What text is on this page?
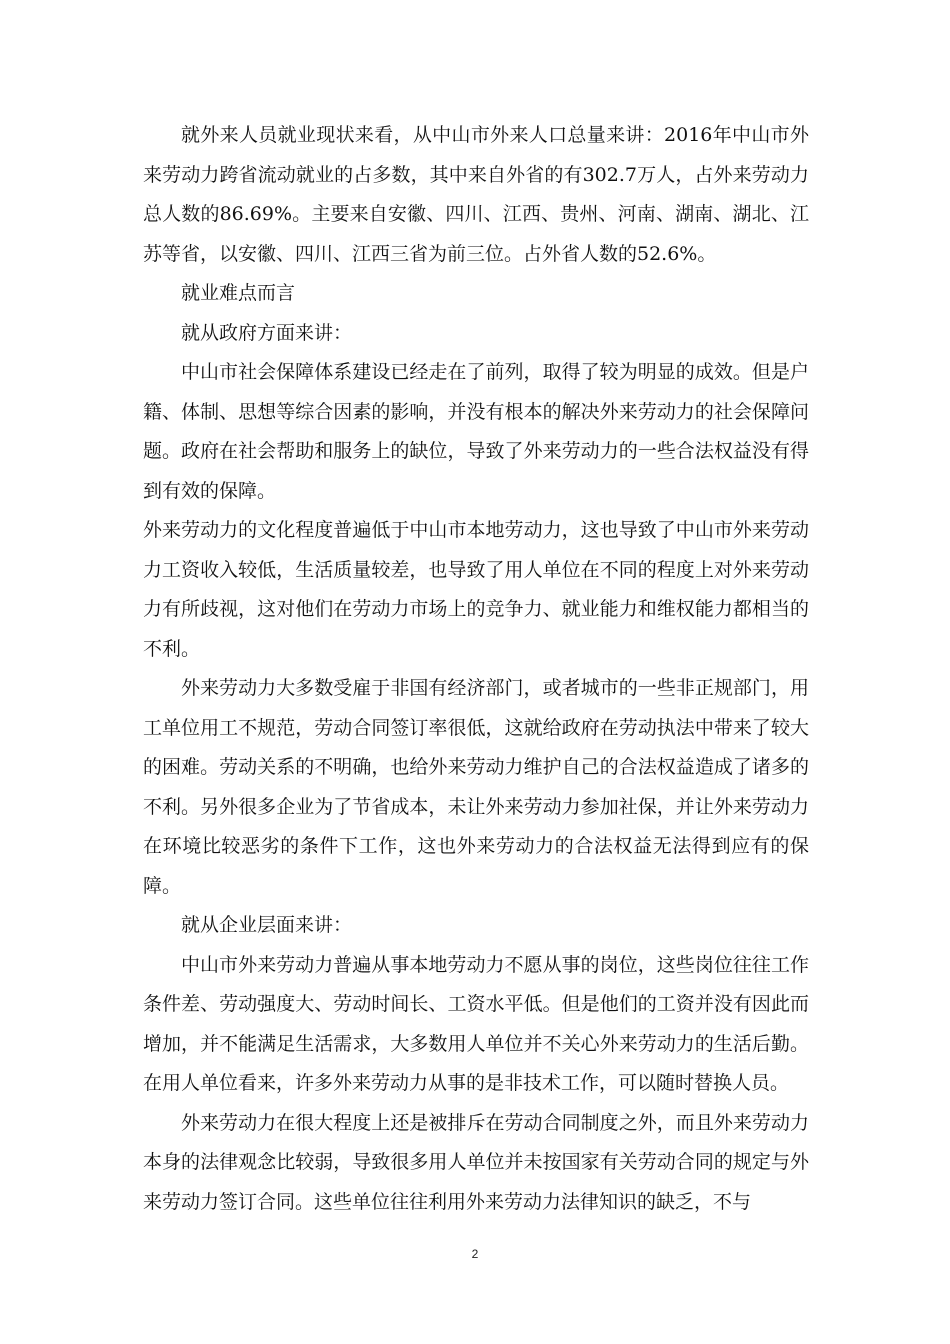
就外来人员就业现状来看，从中山市外来人口总量来讲：2016年中山市外来劳动力跨省流动就业的占多数，其中来自外省的有302.7万人，占外来劳动力总人数的86.69%。主要来自安徽、四川、江西、贵州、河南、湖南、湖北、江苏等省，以安徽、四川、江西三省为前三位。占外省人数的52.6%。

就业难点而言

就从政府方面来讲：

中山市社会保障体系建设已经走在了前列，取得了较为明显的成效。但是户籍、体制、思想等综合因素的影响，并没有根本的解决外来劳动力的社会保障问题。政府在社会帮助和服务上的缺位，导致了外来劳动力的一些合法权益没有得到有效的保障。

外来劳动力的文化程度普遍低于中山市本地劳动力，这也导致了中山市外来劳动力工资收入较低，生活质量较差，也导致了用人单位在不同的程度上对外来劳动力有所歧视，这对他们在劳动力市场上的竞争力、就业能力和维权能力都相当的不利。

外来劳动力大多数受雇于非国有经济部门，或者城市的一些非正规部门，用工单位用工不规范，劳动合同签订率很低，这就给政府在劳动执法中带来了较大的困难。劳动关系的不明确，也给外来劳动力维护自己的合法权益造成了诸多的不利。另外很多企业为了节省成本，未让外来劳动力参加社保，并让外来劳动力在环境比较恶劣的条件下工作，这也外来劳动力的合法权益无法得到应有的保障。

就从企业层面来讲：

中山市外来劳动力普遍从事本地劳动力不愿从事的岗位，这些岗位往往工作条件差、劳动强度大、劳动时间长、工资水平低。但是他们的工资并没有因此而增加，并不能满足生活需求，大多数用人单位并不关心外来劳动力的生活后勤。在用人单位看来，许多外来劳动力从事的是非技术工作，可以随时替换人员。

外来劳动力在很大程度上还是被排斥在劳动合同制度之外，而且外来劳动力本身的法律观念比较弱，导致很多用人单位并未按国家有关劳动合同的规定与外来劳动力签订合同。这些单位往往利用外来劳动力法律知识的缺乏，不与

2
